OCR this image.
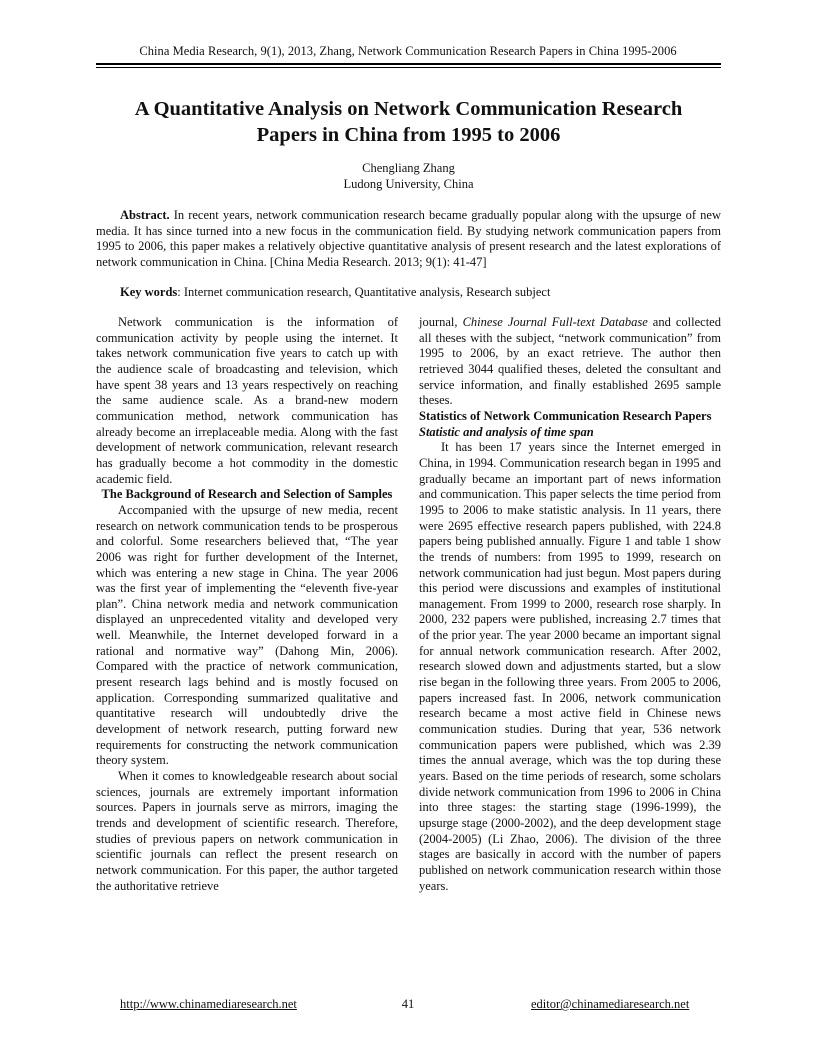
China Media Research, 9(1), 2013, Zhang, Network Communication Research Papers in China 1995-2006
A Quantitative Analysis on Network Communication Research
Papers in China from 1995 to 2006
Chengliang Zhang
Ludong University, China

Abstract. In recent years, network communication research became gradually popular along with the upsurge of new media. It has since turned into a new focus in the communication field. By studying network communication papers from 1995 to 2006, this paper makes a relatively objective quantitative analysis of present research and the latest explorations of network communication in China. [China Media Research. 2013; 9(1): 41-47]

Key words: Internet communication research, Quantitative analysis, Research subject

Network communication is the information of communication activity by people using the internet. It takes network communication five years to catch up with the audience scale of broadcasting and television, which have spent 38 years and 13 years respectively on reaching the same audience scale. As a brand-new modern communication method, network communication has already become an irreplaceable media. Along with the fast development of network communication, relevant research has gradually become a hot commodity in the domestic academic field.

The Background of Research and Selection of Samples

Accompanied with the upsurge of new media, recent research on network communication tends to be prosperous and colorful. Some researchers believed that, “The year 2006 was right for further development of the Internet, which was entering a new stage in China. The year 2006 was the first year of implementing the “eleventh five-year plan”. China network media and network communication displayed an unprecedented vitality and developed very well. Meanwhile, the Internet developed forward in a rational and normative way” (Dahong Min, 2006). Compared with the practice of network communication, present research lags behind and is mostly focused on application. Corresponding summarized qualitative and quantitative research will undoubtedly drive the development of network research, putting forward new requirements for constructing the network communication theory system.

When it comes to knowledgeable research about social sciences, journals are extremely important information sources. Papers in journals serve as mirrors, imaging the trends and development of scientific research. Therefore, studies of previous papers on network communication in scientific journals can reflect the present research on network communication. For this paper, the author targeted the authoritative retrieve

journal, Chinese Journal Full-text Database and collected all theses with the subject, “network communication” from 1995 to 2006, by an exact retrieve. The author then retrieved 3044 qualified theses, deleted the consultant and service information, and finally established 2695 sample theses.

Statistics of Network Communication Research Papers

Statistic and analysis of time span

It has been 17 years since the Internet emerged in China, in 1994. Communication research began in 1995 and gradually became an important part of news information and communication. This paper selects the time period from 1995 to 2006 to make statistic analysis. In 11 years, there were 2695 effective research papers published, with 224.8 papers being published annually. Figure 1 and table 1 show the trends of numbers: from 1995 to 1999, research on network communication had just begun. Most papers during this period were discussions and examples of institutional management. From 1999 to 2000, research rose sharply. In 2000, 232 papers were published, increasing 2.7 times that of the prior year. The year 2000 became an important signal for annual network communication research. After 2002, research slowed down and adjustments started, but a slow rise began in the following three years. From 2005 to 2006, papers increased fast. In 2006, network communication research became a most active field in Chinese news communication studies. During that year, 536 network communication papers were published, which was 2.39 times the annual average, which was the top during these years. Based on the time periods of research, some scholars divide network communication from 1996 to 2006 in China into three stages: the starting stage (1996-1999), the upsurge stage (2000-2002), and the deep development stage (2004-2005) (Li Zhao, 2006). The division of the three stages are basically in accord with the number of papers published on network communication research within those years.

http://www.chinamediaresearch.net	41	editor@chinamediaresearch.net
